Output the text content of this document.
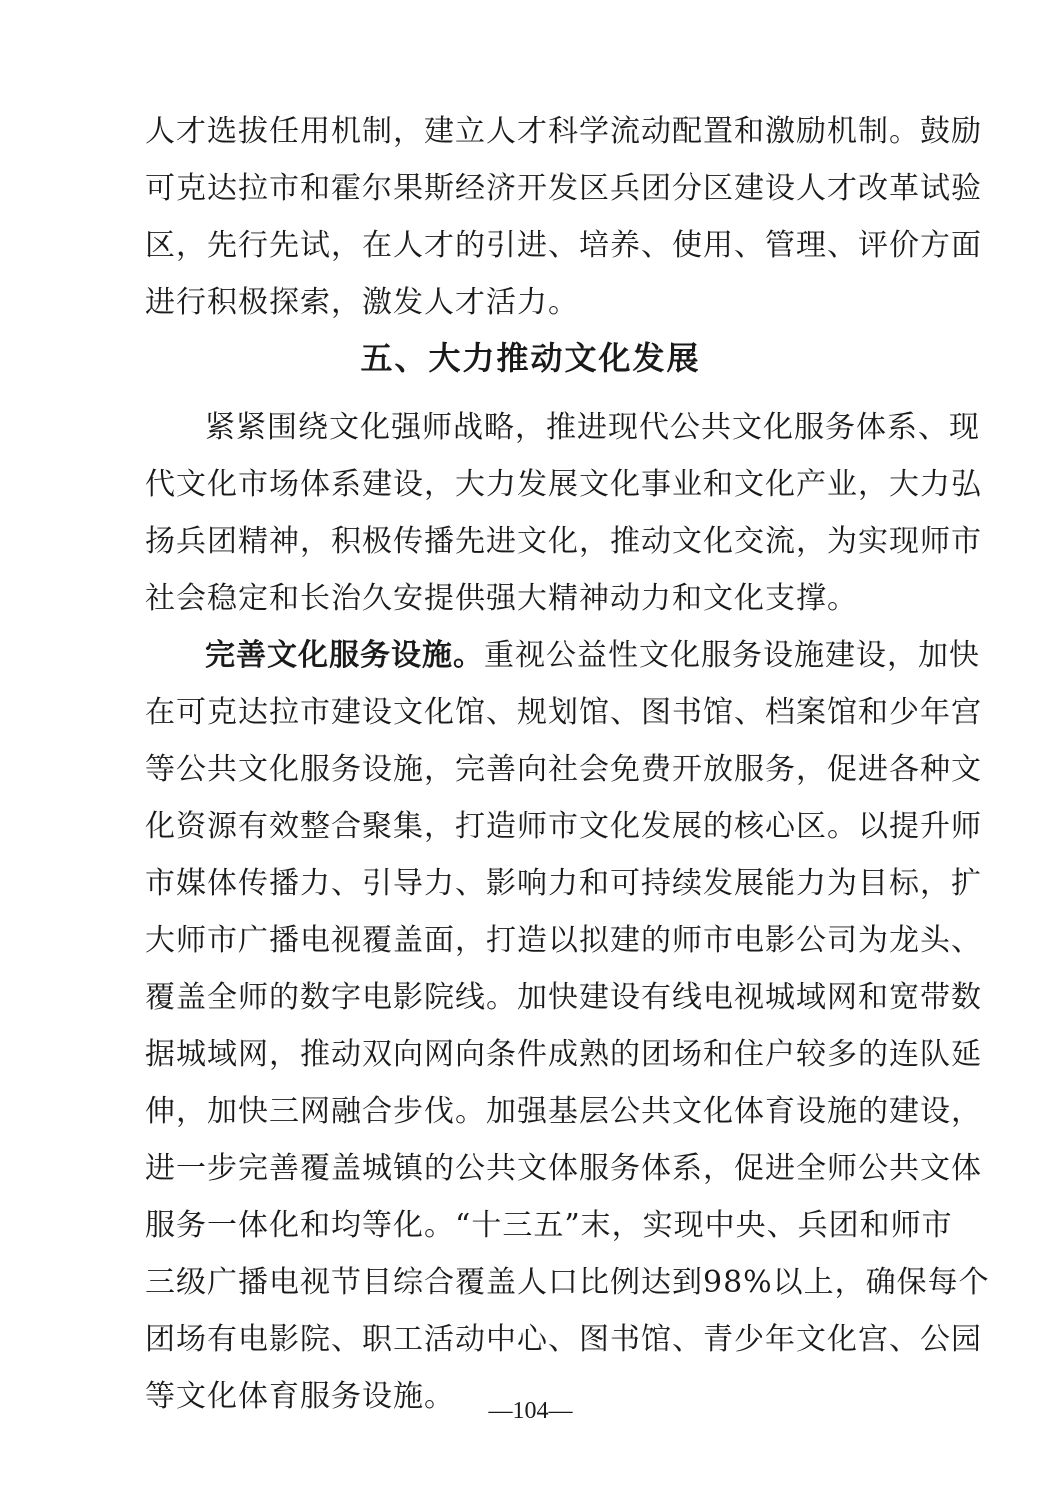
人才选拔任用机制，建立人才科学流动配置和激励机制。鼓励
可克达拉市和霍尔果斯经济开发区兵团分区建设人才改革试验
区，先行先试，在人才的引进、培养、使用、管理、评价方面
进行积极探索，激发人才活力。
五、大力推动文化发展
紧紧围绕文化强师战略，推进现代公共文化服务体系、现
代文化市场体系建设，大力发展文化事业和文化产业，大力弘
扬兵团精神，积极传播先进文化，推动文化交流，为实现师市
社会稳定和长治久安提供强大精神动力和文化支撑。
完善文化服务设施。重视公益性文化服务设施建设，加快
在可克达拉市建设文化馆、规划馆、图书馆、档案馆和少年宫
等公共文化服务设施，完善向社会免费开放服务，促进各种文
化资源有效整合聚集，打造师市文化发展的核心区。以提升师
市媒体传播力、引导力、影响力和可持续发展能力为目标，扩
大师市广播电视覆盖面，打造以拟建的师市电影公司为龙头、
覆盖全师的数字电影院线。加快建设有线电视城域网和宽带数
据城域网，推动双向网向条件成熟的团场和住户较多的连队延
伸，加快三网融合步伐。加强基层公共文化体育设施的建设，
进一步完善覆盖城镇的公共文体服务体系，促进全师公共文体
服务一体化和均等化。“十三五”末，实现中央、兵团和师市
三级广播电视节目综合覆盖人口比例达到98%以上，确保每个
团场有电影院、职工活动中心、图书馆、青少年文化宫、公园
等文化体育服务设施。	—104—
